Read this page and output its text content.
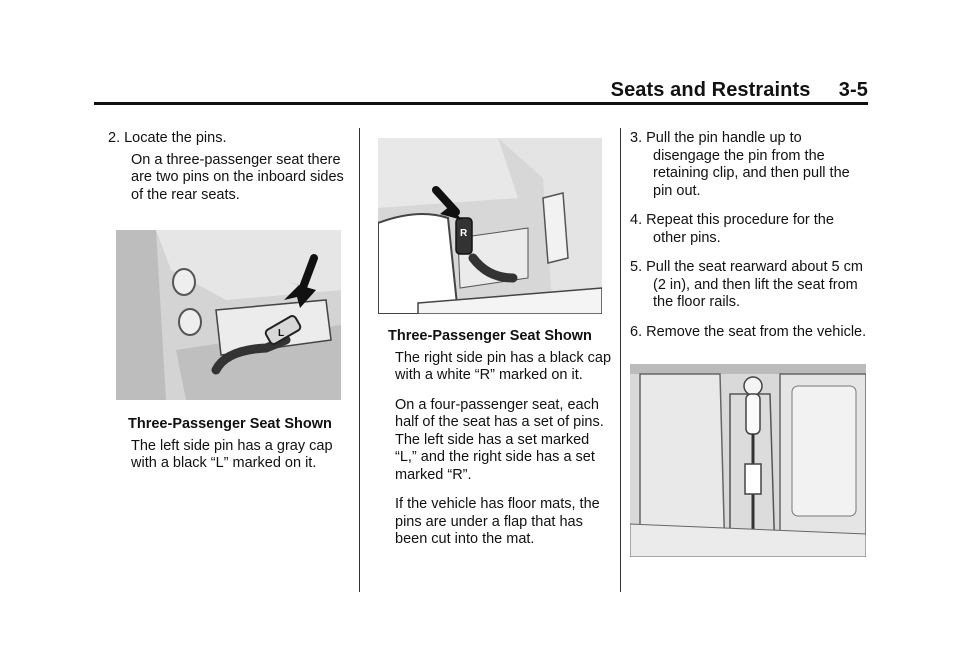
Seats and Restraints 3-5

2. Locate the pins.

On a three-passenger seat there are two pins on the inboard sides of the rear seats.

L

Three-Passenger Seat Shown

The left side pin has a gray cap with a black “L” marked on it.

R

Three-Passenger Seat Shown

The right side pin has a black cap with a white “R” marked on it.

On a four-passenger seat, each half of the seat has a set of pins. The left side has a set marked “L,” and the right side has a set marked “R”.

If the vehicle has floor mats, the pins are under a flap that has been cut into the mat.

3. Pull the pin handle up to disengage the pin from the retaining clip, and then pull the pin out.

4. Repeat this procedure for the other pins.

5. Pull the seat rearward about 5 cm (2 in), and then lift the seat from the floor rails.

6. Remove the seat from the vehicle.
